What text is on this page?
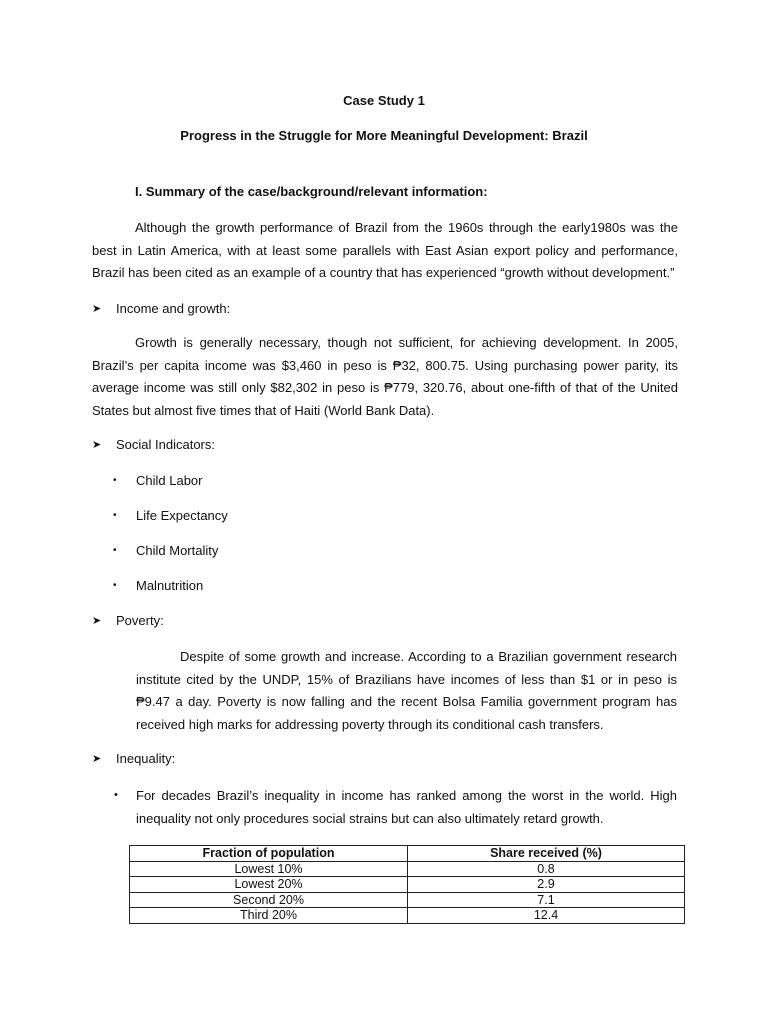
Case Study 1
Progress in the Struggle for More Meaningful Development: Brazil
I. Summary of the case/background/relevant information:
Although the growth performance of Brazil from the 1960s through the early1980s was the best in Latin America, with at least some parallels with East Asian export policy and performance, Brazil has been cited as an example of a country that has experienced “growth without development.”
➤ Income and growth:
Growth is generally necessary, though not sufficient, for achieving development. In 2005, Brazil’s per capita income was $3,460 in peso is ₱32, 800.75. Using purchasing power parity, its average income was still only $82,302 in peso is ₱779, 320.76, about one-fifth of that of the United States but almost five times that of Haiti (World Bank Data).
➤ Social Indicators:
• Child Labor
• Life Expectancy
• Child Mortality
• Malnutrition
➤ Poverty:
Despite of some growth and increase. According to a Brazilian government research institute cited by the UNDP, 15% of Brazilians have incomes of less than $1 or in peso is ₱9.47 a day. Poverty is now falling and the recent Bolsa Familia government program has received high marks for addressing poverty through its conditional cash transfers.
➤ Inequality:
• For decades Brazil’s inequality in income has ranked among the worst in the world. High inequality not only procedures social strains but can also ultimately retard growth.
Fraction of population	Share received (%)
Lowest 10%	0.8
Lowest 20%	2.9
Second 20%	7.1
Third 20%	12.4
